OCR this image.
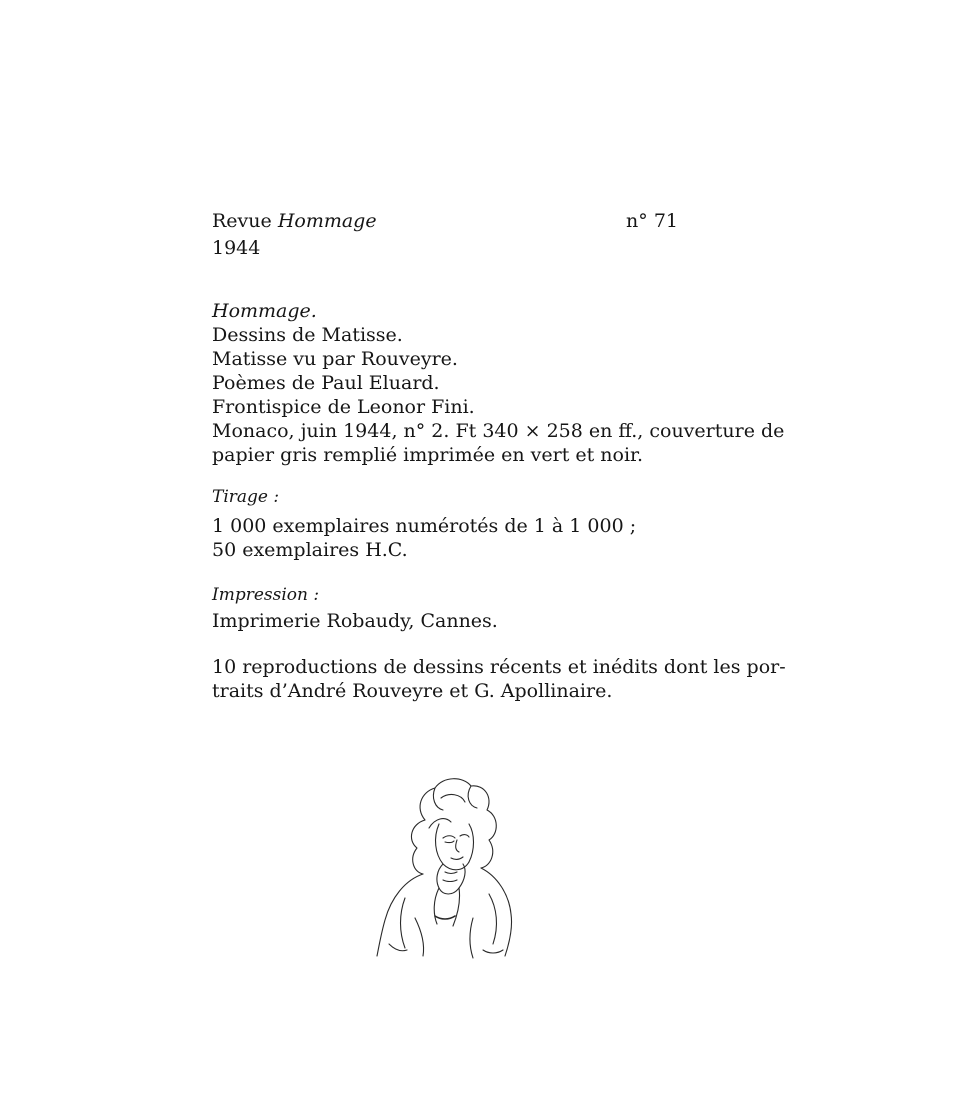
Revue Hommage
1944
n° 71
Hommage.
Dessins de Matisse.
Matisse vu par Rouveyre.
Poèmes de Paul Eluard.
Frontispice de Leonor Fini.
Monaco, juin 1944, n° 2. Ft 340 × 258 en ff., couverture de
papier gris remplié imprimée en vert et noir.
Tirage :
1 000 exemplaires numérotés de 1 à 1 000 ;
50 exemplaires H.C.
Impression :
Imprimerie Robaudy, Cannes.
10 reproductions de dessins récents et inédits dont les por-
traits d’André Rouveyre et G. Apollinaire.
